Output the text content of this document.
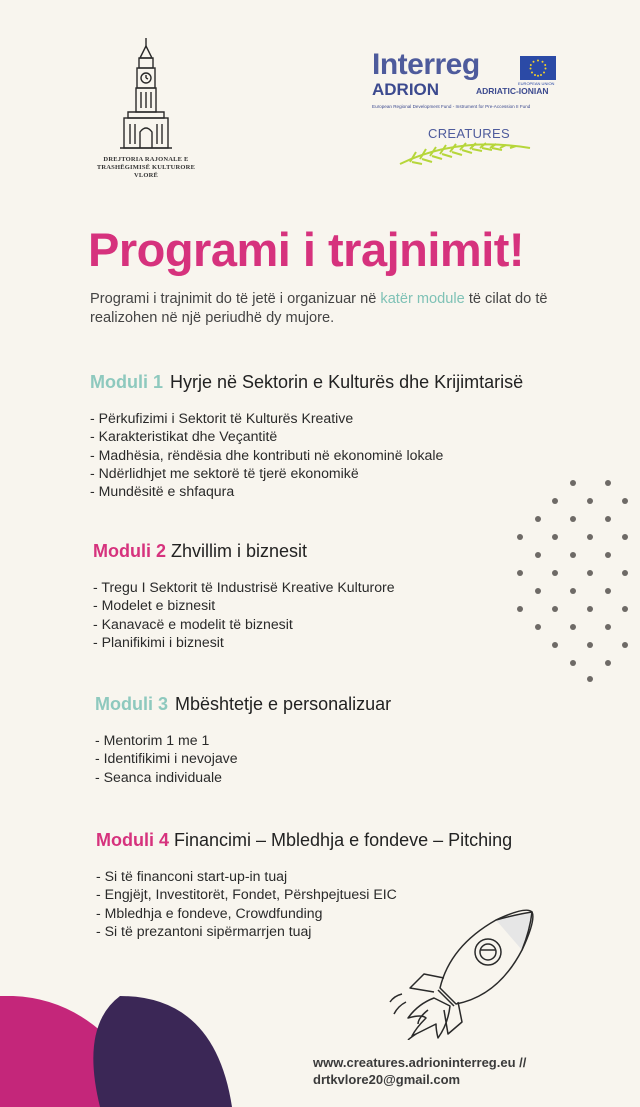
DREJTORIA RAJONALE E
TRASHËGIMISË KULTURORE VLORË
Interreg
ADRION	ADRIATIC-IONIAN
European Regional Development Fund - Instrument for Pre-Accession II Fund
EUROPEAN UNION
CREATURES
Programi i trajnimit!
Programi i trajnimit do të jetë i organizuar në katër module të cilat do të realizohen në një periudhë dy mujore.
Moduli 1 Hyrje në Sektorin e Kulturës dhe Krijimtarisë
- Përkufizimi i Sektorit të Kulturës Kreative
- Karakteristikat dhe Veçantitë
- Madhësia, rëndësia dhe kontributi në ekonominë lokale
- Ndërlidhjet me sektorë të tjerë ekonomikë
- Mundësitë e shfaqura
Moduli 2 Zhvillim i biznesit
- Tregu I Sektorit të Industrisë Kreative Kulturore
- Modelet e biznesit
- Kanavacë e modelit të biznesit
- Planifikimi i biznesit
Moduli 3 Mbështetje e personalizuar
- Mentorim 1 me 1
- Identifikimi i nevojave
- Seanca individuale
Moduli 4 Financimi – Mbledhja e fondeve – Pitching
- Si të financoni start-up-in tuaj
- Engjëjt, Investitorët, Fondet, Përshpejtuesi EIC
- Mbledhja e fondeve, Crowdfunding
- Si të prezantoni sipërmarrjen tuaj
www.creatures.adrioninterreg.eu //
drtkvlore20@gmail.com
